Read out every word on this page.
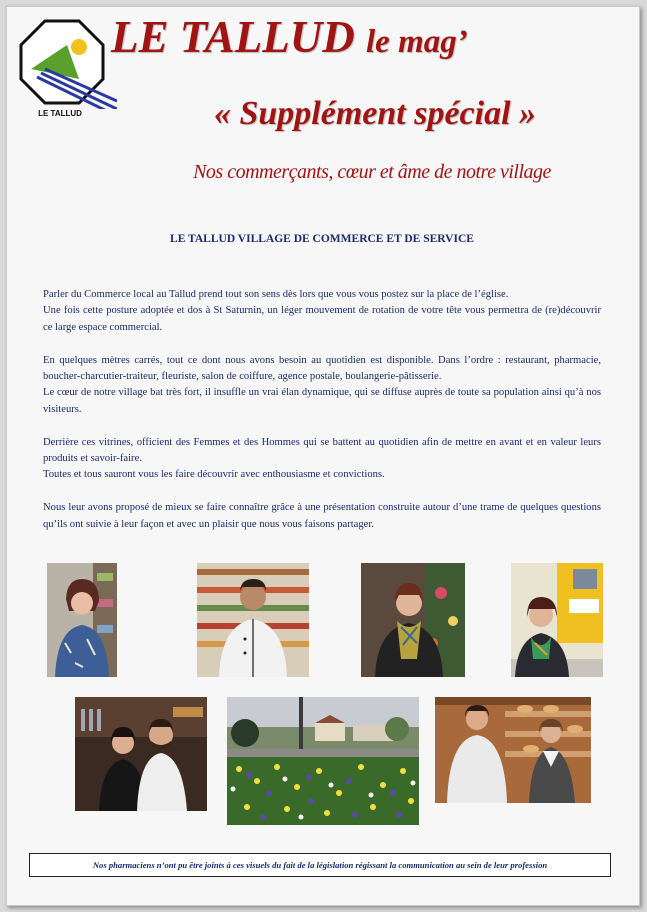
LE TALLUD
LE TALLUD le mag’
« Supplément spécial »
Nos commerçants, cœur et âme de notre village
LE TALLUD VILLAGE DE COMMERCE ET DE SERVICE

Parler du Commerce local au Tallud prend tout son sens dès lors que vous vous postez sur la place de l’église.
Une fois cette posture adoptée et dos à St Saturnin, un léger mouvement de rotation de votre tête vous permettra de (re)découvrir ce large espace commercial.

En quelques mètres carrés, tout ce dont nous avons besoin au quotidien est disponible. Dans l’ordre : restaurant, pharmacie, boucher-charcutier-traiteur, fleuriste, salon de coiffure, agence postale, boulangerie-pâtisserie.
Le cœur de notre village bat très fort, il insuffle un vrai élan dynamique, qui se diffuse auprès de toute sa population ainsi qu’à nos visiteurs.

Derrière ces vitrines, officient des Femmes et des Hommes qui se battent au quotidien afin de mettre en avant et en valeur leurs produits et savoir-faire.
Toutes et tous sauront vous les faire découvrir avec enthousiasme et convictions.

Nous leur avons proposé de mieux se faire connaître grâce à une présentation construite autour d’une trame de quelques questions qu’ils ont suivie à leur façon et avec un plaisir que nous vous faisons partager.

Nos pharmaciens n’ont pu être joints à ces visuels du fait de la législation régissant la communication au sein de leur profession
